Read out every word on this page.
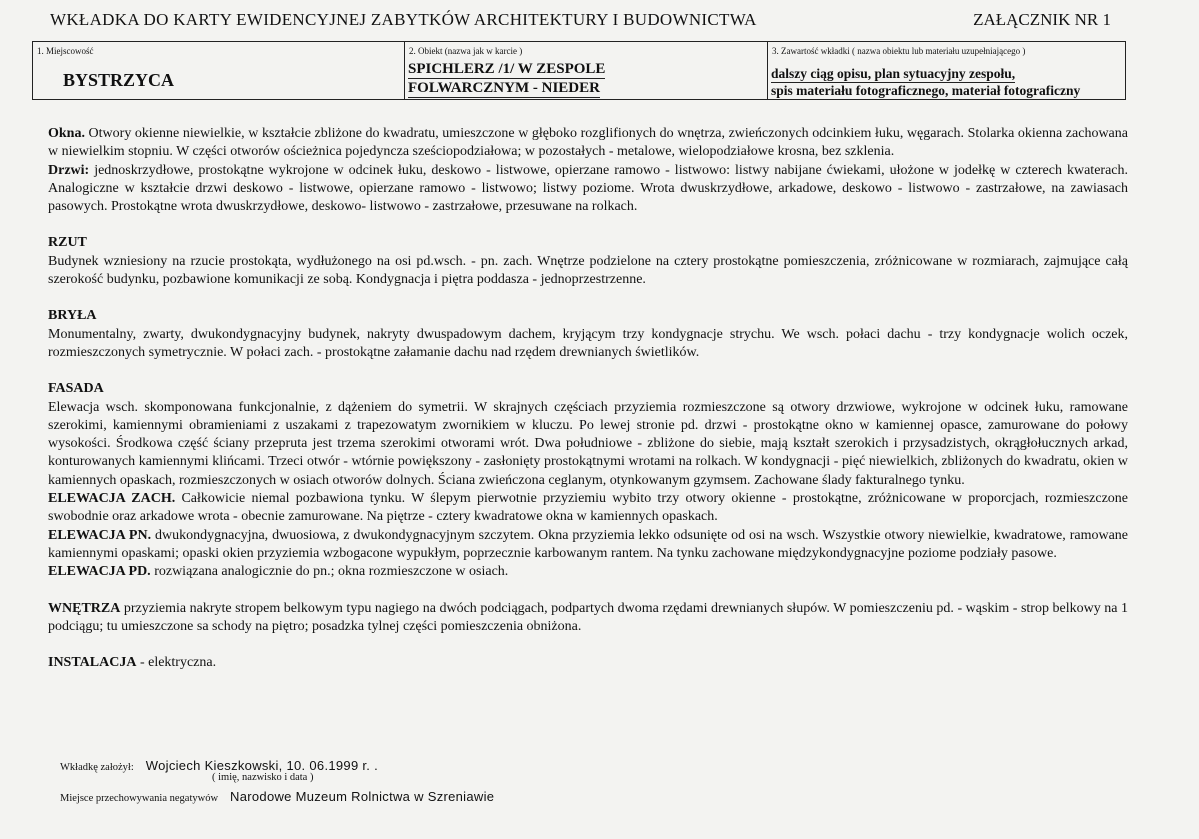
WKŁADKA DO KARTY EWIDENCYJNEJ ZABYTKÓW ARCHITEKTURY I BUDOWNICTWA	ZAŁĄCZNIK NR 1
1. Miejscowość
BYSTRZYCA
2. Obiekt (nazwa jak w karcie )
SPICHLERZ /1/ W ZESPOLE
FOLWARCZNYM - NIEDER
3. Zawartość wkładki ( nazwa obiektu lub materiału uzupełniającego )
dalszy ciąg opisu, plan sytuacyjny zespołu,
spis materiału fotograficznego, materiał fotograficzny

Okna. Otwory okienne niewielkie, w kształcie zbliżone do kwadratu, umieszczone w głęboko rozglifionych do wnętrza, zwieńczonych odcinkiem łuku, węgarach. Stolarka okienna zachowana w niewielkim stopniu. W części otworów ościeżnica pojedyncza sześciopodziałowa; w pozostałych - metalowe, wielopodziałowe krosna, bez szklenia.

Drzwi: jednoskrzydłowe, prostokątne wykrojone w odcinek łuku, deskowo - listwowe, opierzane ramowo - listwowo: listwy nabijane ćwiekami, ułożone w jodełkę w czterech kwaterach. Analogiczne w kształcie drzwi deskowo - listwowe, opierzane ramowo - listwowo; listwy poziome. Wrota dwuskrzydłowe, arkadowe, deskowo - listwowo - zastrzałowe, na zawiasach pasowych. Prostokątne wrota dwuskrzydłowe, deskowo- listwowo - zastrzałowe, przesuwane na rolkach.

RZUT

Budynek wzniesiony na rzucie prostokąta, wydłużonego na osi pd.wsch. - pn. zach. Wnętrze podzielone na cztery prostokątne pomieszczenia, zróżnicowane w rozmiarach, zajmujące całą szerokość budynku, pozbawione komunikacji ze sobą. Kondygnacja i piętra poddasza - jednoprzestrzenne.

BRYŁA

Monumentalny, zwarty, dwukondygnacyjny budynek, nakryty dwuspadowym dachem, kryjącym trzy kondygnacje strychu. We wsch. połaci dachu - trzy kondygnacje wolich oczek, rozmieszczonych symetrycznie. W połaci zach. - prostokątne załamanie dachu nad rzędem drewnianych świetlików.

FASADA

Elewacja wsch. skomponowana funkcjonalnie, z dążeniem do symetrii. W skrajnych częściach przyziemia rozmieszczone są otwory drzwiowe, wykrojone w odcinek łuku, ramowane szerokimi, kamiennymi obramieniami z uszakami z trapezowatym zwornikiem w kluczu. Po lewej stronie pd. drzwi - prostokątne okno w kamiennej opasce, zamurowane do połowy wysokości. Środkowa część ściany przepruta jest trzema szerokimi otworami wrót. Dwa południowe - zbliżone do siebie, mają kształt szerokich i przysadzistych, okrągłołucznych arkad, konturowanych kamiennymi klińcami. Trzeci otwór - wtórnie powiększony - zasłonięty prostokątnymi wrotami na rolkach. W kondygnacji - pięć niewielkich, zbliżonych do kwadratu, okien w kamiennych opaskach, rozmieszczonych w osiach otworów dolnych. Ściana zwieńczona ceglanym, otynkowanym gzymsem. Zachowane ślady fakturalnego tynku.

ELEWACJA ZACH. Całkowicie niemal pozbawiona tynku. W ślepym pierwotnie przyziemiu wybito trzy otwory okienne - prostokątne, zróżnicowane w proporcjach, rozmieszczone swobodnie oraz arkadowe wrota - obecnie zamurowane. Na piętrze - cztery kwadratowe okna w kamiennych opaskach.

ELEWACJA PN. dwukondygnacyjna, dwuosiowa, z dwukondygnacyjnym szczytem. Okna przyziemia lekko odsunięte od osi na wsch. Wszystkie otwory niewielkie, kwadratowe, ramowane kamiennymi opaskami; opaski okien przyziemia wzbogacone wypukłym, poprzecznie karbowanym rantem. Na tynku zachowane międzykondygnacyjne poziome podziały pasowe.

ELEWACJA PD. rozwiązana analogicznie do pn.; okna rozmieszczone w osiach.

WNĘTRZA przyziemia nakryte stropem belkowym typu nagiego na dwóch podciągach, podpartych dwoma rzędami drewnianych słupów. W pomieszczeniu pd. - wąskim - strop belkowy na 1 podciągu; tu umieszczone sa schody na piętro; posadzka tylnej części pomieszczenia obniżona.

INSTALACJA - elektryczna.

Wkładkę założył: Wojciech Kieszkowski, 10. 06.1999 r. .
( imię, nazwisko i data )
Miejsce przechowywania negatywów Narodowe Muzeum Rolnictwa w Szreniawie
